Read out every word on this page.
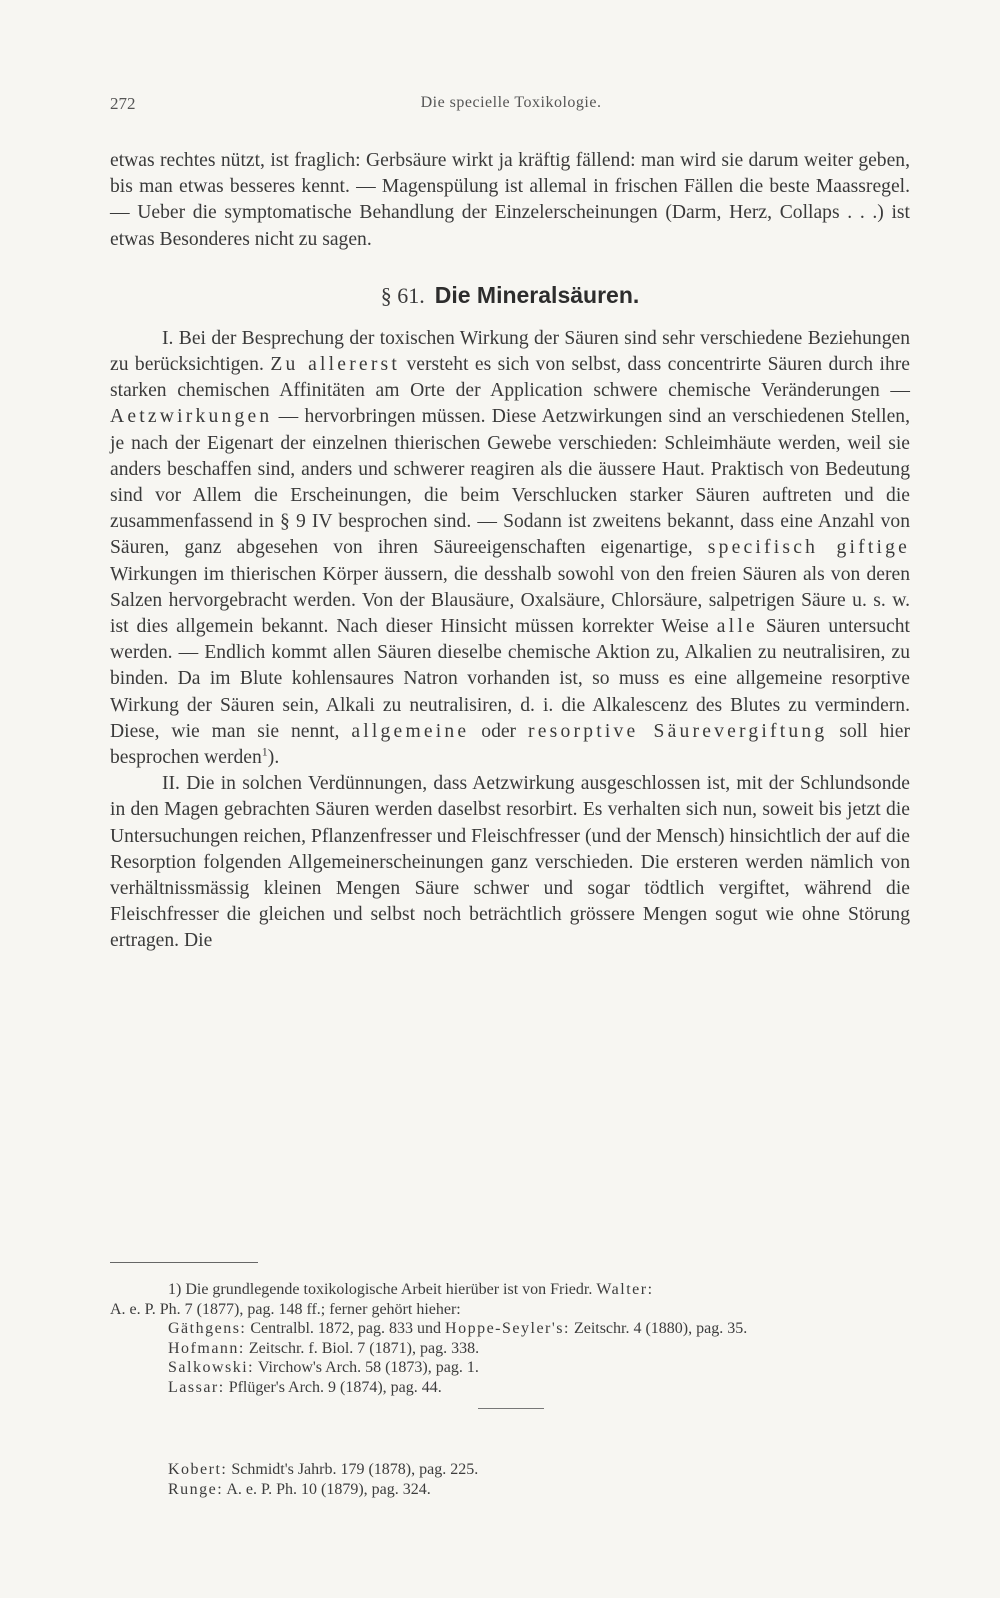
272	Die specielle Toxikologie.

etwas rechtes nützt, ist fraglich: Gerbsäure wirkt ja kräftig fällend: man wird sie darum weiter geben, bis man etwas besseres kennt. — Magenspülung ist allemal in frischen Fällen die beste Maassregel. — Ueber die symptomatische Behandlung der Einzelerscheinungen (Darm, Herz, Collaps . . .) ist etwas Besonderes nicht zu sagen.

§ 61. Die Mineralsäuren.

I. Bei der Besprechung der toxischen Wirkung der Säuren sind sehr verschiedene Beziehungen zu berücksichtigen. Zu allererst versteht es sich von selbst, dass concentrirte Säuren durch ihre starken chemischen Affinitäten am Orte der Application schwere chemische Veränderungen — Aetzwirkungen — hervorbringen müssen. Diese Aetzwirkungen sind an verschiedenen Stellen, je nach der Eigenart der einzelnen thierischen Gewebe verschieden: Schleimhäute werden, weil sie anders beschaffen sind, anders und schwerer reagiren als die äussere Haut. Praktisch von Bedeutung sind vor Allem die Erscheinungen, die beim Verschlucken starker Säuren auftreten und die zusammenfassend in § 9 IV besprochen sind. — Sodann ist zweitens bekannt, dass eine Anzahl von Säuren, ganz abgesehen von ihren Säureeigenschaften eigenartige, specifisch giftige Wirkungen im thierischen Körper äussern, die desshalb sowohl von den freien Säuren als von deren Salzen hervorgebracht werden. Von der Blausäure, Oxalsäure, Chlorsäure, salpetrigen Säure u. s. w. ist dies allgemein bekannt. Nach dieser Hinsicht müssen korrekter Weise alle Säuren untersucht werden. — Endlich kommt allen Säuren dieselbe chemische Aktion zu, Alkalien zu neutralisiren, zu binden. Da im Blute kohlensaures Natron vorhanden ist, so muss es eine allgemeine resorptive Wirkung der Säuren sein, Alkali zu neutralisiren, d. i. die Alkalescenz des Blutes zu vermindern. Diese, wie man sie nennt, allgemeine oder resorptive Säurevergiftung soll hier besprochen werden$^1$).

II. Die in solchen Verdünnungen, dass Aetzwirkung ausgeschlossen ist, mit der Schlundsonde in den Magen gebrachten Säuren werden daselbst resorbirt. Es verhalten sich nun, soweit bis jetzt die Untersuchungen reichen, Pflanzenfresser und Fleischfresser (und der Mensch) hinsichtlich der auf die Resorption folgenden Allgemeinerscheinungen ganz verschieden. Die ersteren werden nämlich von verhältnissmässig kleinen Mengen Säure schwer und sogar tödtlich vergiftet, während die Fleischfresser die gleichen und selbst noch beträchtlich grössere Mengen sogut wie ohne Störung ertragen. Die

1) Die grundlegende toxikologische Arbeit hierüber ist von Friedr. Walter:

A. e. P. Ph. 7 (1877), pag. 148 ff.; ferner gehört hieher:

Gäthgens: Centralbl. 1872, pag. 833 und Hoppe-Seyler's: Zeitschr. 4 (1880), pag. 35.

Hofmann: Zeitschr. f. Biol. 7 (1871), pag. 338.

Salkowski: Virchow's Arch. 58 (1873), pag. 1.

Lassar: Pflüger's Arch. 9 (1874), pag. 44.

Kobert: Schmidt's Jahrb. 179 (1878), pag. 225.

Runge: A. e. P. Ph. 10 (1879), pag. 324.
